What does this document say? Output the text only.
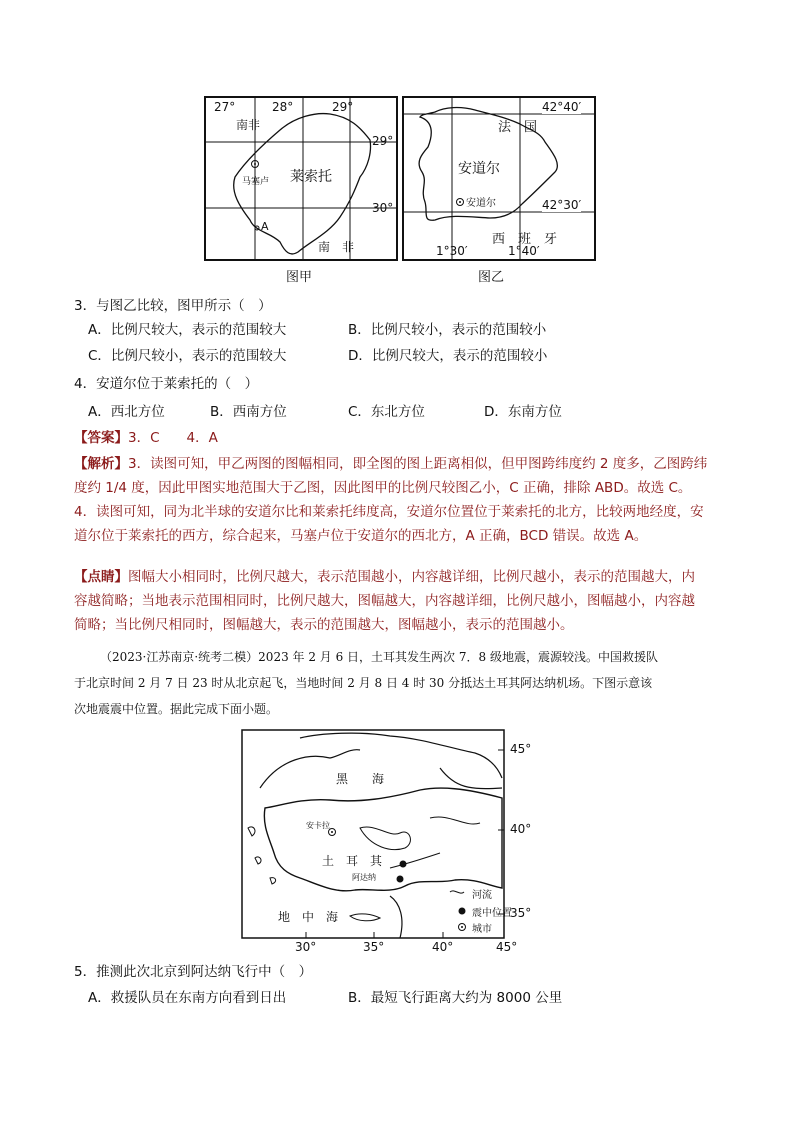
27°	28°	29°
29°
30°
南非
南　非
莱索托
马塞卢
A
图甲
42°40′
42°30′
1°30′	1°40′
法　国
安道尔
安道尔
西　班　牙
图乙
3．与图乙比较，图甲所示（　）
A．比例尺较大，表示的范围较大	B．比例尺较小，表示的范围较小
C．比例尺较小，表示的范围较大	D．比例尺较大，表示的范围较小
4．安道尔位于莱索托的（　）
A．西北方位	B．西南方位	C．东北方位	D．东南方位
【答案】3．C　　4．A
【解析】3．读图可知，甲乙两图的图幅相同，即全图的图上距离相似，但甲图跨纬度约 2 度多，乙图跨纬
度约 1/4 度，因此甲图实地范围大于乙图，因此图甲的比例尺较图乙小，C 正确，排除 ABD。故选 C。
4．读图可知，同为北半球的安道尔比和莱索托纬度高，安道尔位置位于莱索托的北方，比较两地经度，安
道尔位于莱索托的西方，综合起来，马塞卢位于安道尔的西北方，A 正确，BCD 错误。故选 A。
【点睛】图幅大小相同时，比例尺越大，表示范围越小，内容越详细，比例尺越小，表示的范围越大，内
容越简略；当地表示范围相同时，比例尺越大，图幅越大，内容越详细，比例尺越小，图幅越小，内容越
简略；当比例尺相同时，图幅越大，表示的范围越大，图幅越小，表示的范围越小。
（2023·江苏南京·统考二模）2023 年 2 月 6 日，土耳其发生两次 7．8 级地震，震源较浅。中国救援队
于北京时间 2 月 7 日 23 时从北京起飞，当地时间 2 月 8 日 4 时 30 分抵达土耳其阿达纳机场。下图示意该
次地震震中位置。据此完成下面小题。
45°
40°
35°
30°	35°	40°	45°
黑　　海
地　中　海
土　耳　其
安卡拉
阿达纳
河流
震中位置
城市
5．推测此次北京到阿达纳飞行中（　）
A．救援队员在东南方向看到日出	B．最短飞行距离大约为 8000 公里
